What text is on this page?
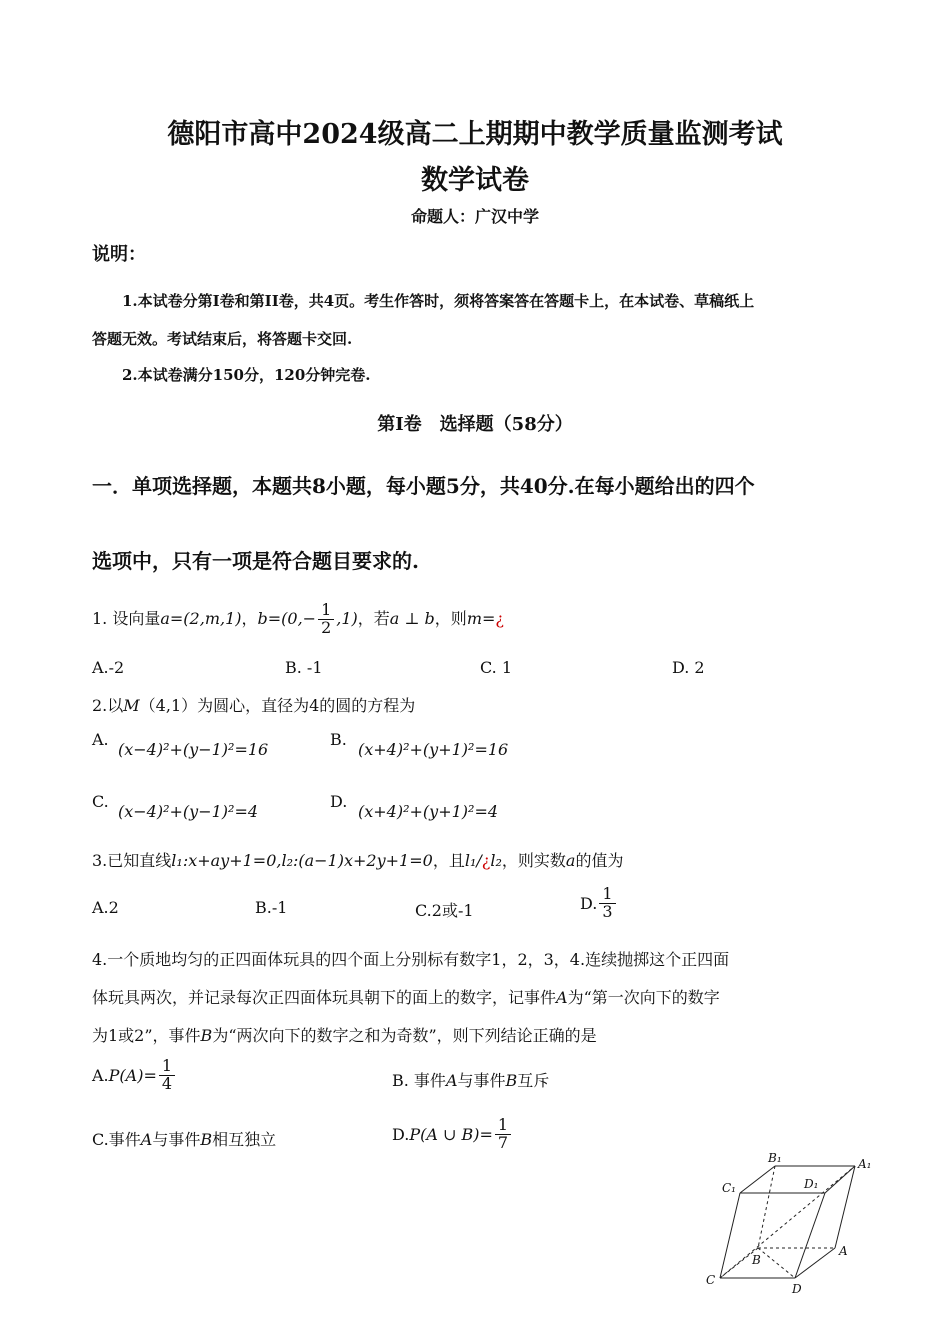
德阳市高中2024级高二上期期中教学质量监测考试
数学试卷
命题人：广汉中学
说明：
1.本试卷分第Ⅰ卷和第II卷，共4页。考生作答时，须将答案答在答题卡上，在本试卷、草稿纸上
答题无效。考试结束后，将答题卡交回.
2.本试卷满分150分，120分钟完卷.
第Ⅰ卷　选择题（58分）
一．单项选择题，本题共8小题，每小题5分，共40分.在每小题给出的四个
选项中，只有一项是符合题目要求的.
1. 设向量a=(2,m,1)，$b=(0,- \frac{1}{2} ,1)$，若a ⊥ b，则m=¿
A.-2	B. -1	C. 1	D. 2
2.以M（4,1）为圆心，直径为4的圆的方程为
A.
(x−4)²+(y−1)²=16
B.
(x+4)²+(y+1)²=16
C.
(x−4)²+(y−1)²=4
D.
(x+4)²+(y+1)²=4
3.已知直线l₁:x+ay+1=0,l₂:(a−1)x+2y+1=0，且l₁/¿l₂，则实数a的值为
A.2	B.-1	C.2或-1	D. $\frac{1}{3}$
4.一个质地均匀的正四面体玩具的四个面上分别标有数字1，2，3，4.连续抛掷这个正四面
体玩具两次，并记录每次正四面体玩具朝下的面上的数字，记事件A为“第一次向下的数字
为1或2”，事件B为“两次向下的数字之和为奇数”，则下列结论正确的是
$A.P(A)= \frac{1}{4}$	B. 事件A与事件B互斥
C.事件A与事件B相互独立	D.P(A ∪ $B)= \frac{1}{7}$
B₁	A₁
C₁	D₁
A
B
C
D
